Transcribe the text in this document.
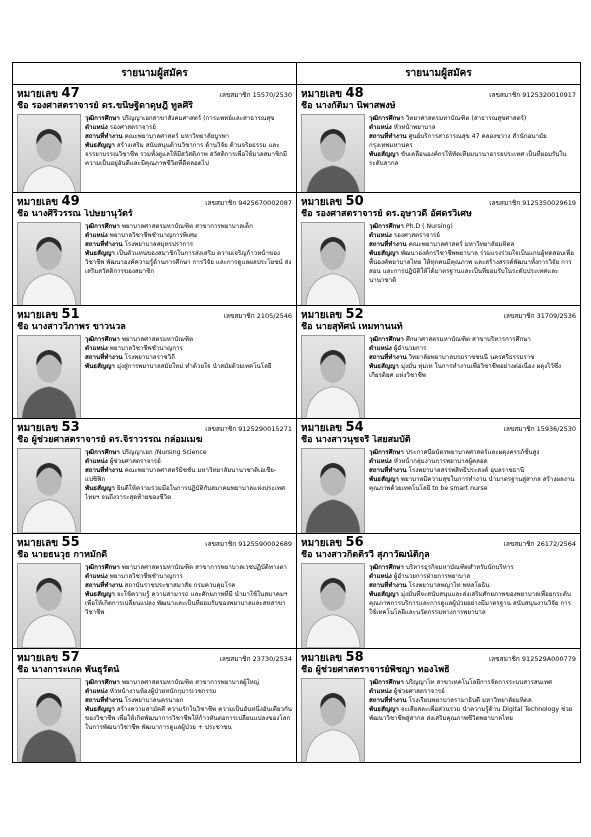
รายนามผู้สมัคร	รายนามผู้สมัคร
หมายเลข 47	เลขสมาชิก 15570/2530
ชื่อ รองศาสตราจารย์ ดร.ขนิษฐิดาดุษฎี ทูลศิริ
วุฒิการศึกษา ปริญญาเอกสาขาสังคมศาสตร์ (การแพทย์และสาธารณสุข
ตำแหน่ง รองศาสตราจารย์
สถานที่ทำงาน คณะพยาบาลศาสตร์ มหาวิทยาลัยบูรพา
พันธสัญญา สร้างเสริม สนับสนุนด้านวิชาการ ด้านวิจัย ด้านจริยธรรม และจรรยาบรรณวิชาชีพ รวมทั้งดูแลให้มีสวัสดิภาพ สวัสดิการเพื่อให้มวลสมาชิกมีความเป็นอยู่อันดีและมีคุณภาพชีวิตที่ดีตลอดไป
หมายเลข 48	เลขสมาชิก 9125320010917
ชื่อ นางกัติมา นิพาสพงษ์
วุฒิการศึกษา วิทยาศาสตรมหาบัณฑิต (สาธารณสุขศาสตร์)
ตำแหน่ง หัวหน้าพยาบาล
สถานที่ทำงาน ศูนย์บริการสาธารณสุข 47 คลองขวาง สำนักอนามัย กรุงเทพมหานคร
พันธสัญญา ขับเคลื่อนองค์กรให้ทัดเทียมนานาอารยประเทศ เป็นที่ยอมรับในระดับสากล
หมายเลข 49	เลขสมาชิก 9425670002087
ชื่อ นางศิริวรรณ โปษยานุวัตร์
วุฒิการศึกษา พยาบาลศาสตรมหาบัณฑิต สาขาการพยาบาลเด็ก
ตำแหน่ง พยาบาลวิชาชีพชำนาญการพิเศษ
สถานที่ทำงาน โรงพยาบาลสมุทรปราการ
พันธสัญญา เป็นตัวแทนของสมาชิกในการส่งเสริม ความเจริญก้าวหน้าของวิชาชีพ พัฒนาองค์ความรู้ด้านการศึกษา การวิจัย และการดูแลผลประโยชน์ ส่งเสริมสวัสดิการของสมาชิก
หมายเลข 50	เลขสมาชิก 9125350029619
ชื่อ รองศาสตราจารย์ ดร.อุษาวดี อัศดรวิเศษ
วุฒิการศึกษา Ph.D ( Nursing)
ตำแหน่ง รองศาสตราจารย์
สถานที่ทำงาน คณะพยาบาลศาสตร์ มหาวิทยาลัยมหิดล
พันธสัญญา พัฒนาองค์กรวิชาชีพพยาบาล ร่วมแรงร่วมใจเป็นแกนผู้ทดสอบเพื่อพื้นองค์พยาบาลไทย ให้ทุกคนมีคุณภาพ และสร้างสรรค์พัฒนาทั้งการวิจัย การสอน และการปฏิบัติให้ได้มาตรฐานและเป็นที่ยอมรับในระดับประเทศและนานาชาติ
หมายเลข 51	เลขสมาชิก 2105/2546
ชื่อ นางสาววิภาพร ขาวนวล
วุฒิการศึกษา พยาบาลศาสตรมหาบัณฑิต
ตำแหน่ง พยาบาลวิชาชีพชำนาญการ
สถานที่ทำงาน โรงพยาบาลราชวิถี
พันธสัญญา มุ่งสู่การพยาบาลสมัยใหม่ ทำด้วยใจ นำสมัยด้วยเทคโนโลยี
หมายเลข 52	เลขสมาชิก 31709/2536
ชื่อ นายสุทัศน์ เหมทานนท์
วุฒิการศึกษา ศึกษาศาสตรมหาบัณฑิต สาขาบริหารการศึกษา
ตำแหน่ง ผู้อำนวยการ
สถานที่ทำงาน วิทยาลัยพยาบาลบรมราชชนนี นครศรีธรรมราช
พันธสัญญา มุ่งมั่น ทุ่มเท ในการทำงานเพื่อวิชาชีพอย่างต่อเนื่อง ผดุงไว้ซึ่งเกียรติยศ แห่งวิชาชีพ
หมายเลข 53	เลขสมาชิก 9125290015271
ชื่อ ผู้ช่วยศาสตราจารย์ ดร.จิราวรรณ กล่อมเมฆ
วุฒิการศึกษา ปริญญาเอก /Nursing Science
ตำแหน่ง ผู้ช่วยศาสตราจารย์
สถานที่ทำงาน คณะพยาบาลศาสตร์มิชชั่น มหาวิทยาลัยนานาชาติเอเชีย-แปซิฟิก
พันธสัญญา ยินดีให้ความร่วมมือในการปฏิบัติกับสมาคมพยาบาลแห่งประเทศไทยฯ จนถึงวาระสุดท้ายของชีวิต
หมายเลข 54	เลขสมาชิก 15936/2530
ชื่อ นางสาวนุชจรี ไสยสมบัติ
วุฒิการศึกษา ประกาศนียบัตรพยาบาลศาสตร์และผดุงครรภ์ชั้นสูง
ตำแหน่ง หัวหน้ากลุ่มงานการพยาบาลผู้คลอด
สถานที่ทำงาน โรงพยาบาลสรรพสิทธิประสงค์ อุบลราชธานี
พันธสัญญา พยาบาลมีความสุขในการทำงาน นำมาตรฐานสู่สากล สร้างผลงานคุณภาพด้วยเทคโนโลยี to be smart nurse
หมายเลข 55	เลขสมาชิก 9125590002689
ชื่อ นายธนวุธ กาหมักดี
วุฒิการศึกษา พยาบาลศาสตรมหาบัณฑิต สาขาการพยาบาลเวชปฏิบัติทางตา
ตำแหน่ง พยาบาลวิชาชีพชำนาญการ
สถานที่ทำงาน สถาบันราชประชาสมาสัย กรมควบคุมโรค
พันธสัญญา จะใช้ความรู้ ความสามารถ และศักยภาพที่มี นำมาใช้ในสมาคมฯ เพื่อให้เกิดการเปลี่ยนแปลง พัฒนาและเป็นที่ยอมรับของพยาบาลและสหสาขาวิชาชีพ
หมายเลข 56	เลขสมาชิก 26172/2564
ชื่อ นางสาวกิตติ์รวี สุภาวัฒน์ติกุล
วุฒิการศึกษา บริหารธุรกิจมหาบัณฑิตสำหรับนักบริหาร
ตำแหน่ง ผู้อำนวยการฝ่ายการพยาบาล
สถานที่ทำงาน โรงพยาบาลพญาไท พหลโยธิน
พันธสัญญา มุ่งมั่นที่จะสนับสนุนและส่งเสริมศักยภาพของพยาบาลเพื่อยกระดับคุณภาพการบริการและการดูแลผู้ป่วยอย่างมีมาตรฐาน สนับสนุนงานวิจัย การใช้เทคโนโลยีและนวัตกรรมทางการพยาบาล
หมายเลข 57	เลขสมาชิก 23730/2534
ชื่อ นางการะเกด พันธุรัตน์
วุฒิการศึกษา พยาบาลศาสตรมหาบัณฑิต สาขาการพยาบาลผู้ใหญ่
ตำแหน่ง หัวหน้างานห้องผู้ป่วยหนักกุมารเวชกรรม
สถานที่ทำงาน โรงพยาบาลนครนายก
พันธสัญญา สร้างความสามัคคี ความรักในวิชาชีพ ความเป็นอันหนึ่งอันเดียวกันของวิชาชีพ เพื่อให้เกิดพัฒนาการวิชาชีพให้ก้าวทันต่อการเปลี่ยนแปลงของโลกในการพัฒนาวิชาชีพ พัฒนาการดูแลผู้ป่วย + ประชาชน
หมายเลข 58	เลขสมาชิก 912529A000779
ชื่อ ผู้ช่วยศาสตราจารย์พิชญา ทองโพธิ์
วุฒิการศึกษา ปริญญาโท สาขาเทคโนโลยีการจัดการระบบสารสนเทศ
ตำแหน่ง ผู้ช่วยศาสตราจารย์
สถานที่ทำงาน โรงเรียนพยาบาลรามาธิบดี มหาวิทยาลัยมหิดล
พันธสัญญา จะเสียสละเพื่อส่วนรวม นำความรู้ด้าน Digital Technology ช่วยพัฒนาวิชาชีพสู่สากล ส่งเสริมคุณภาพชีวิตพยาบาลไทย
